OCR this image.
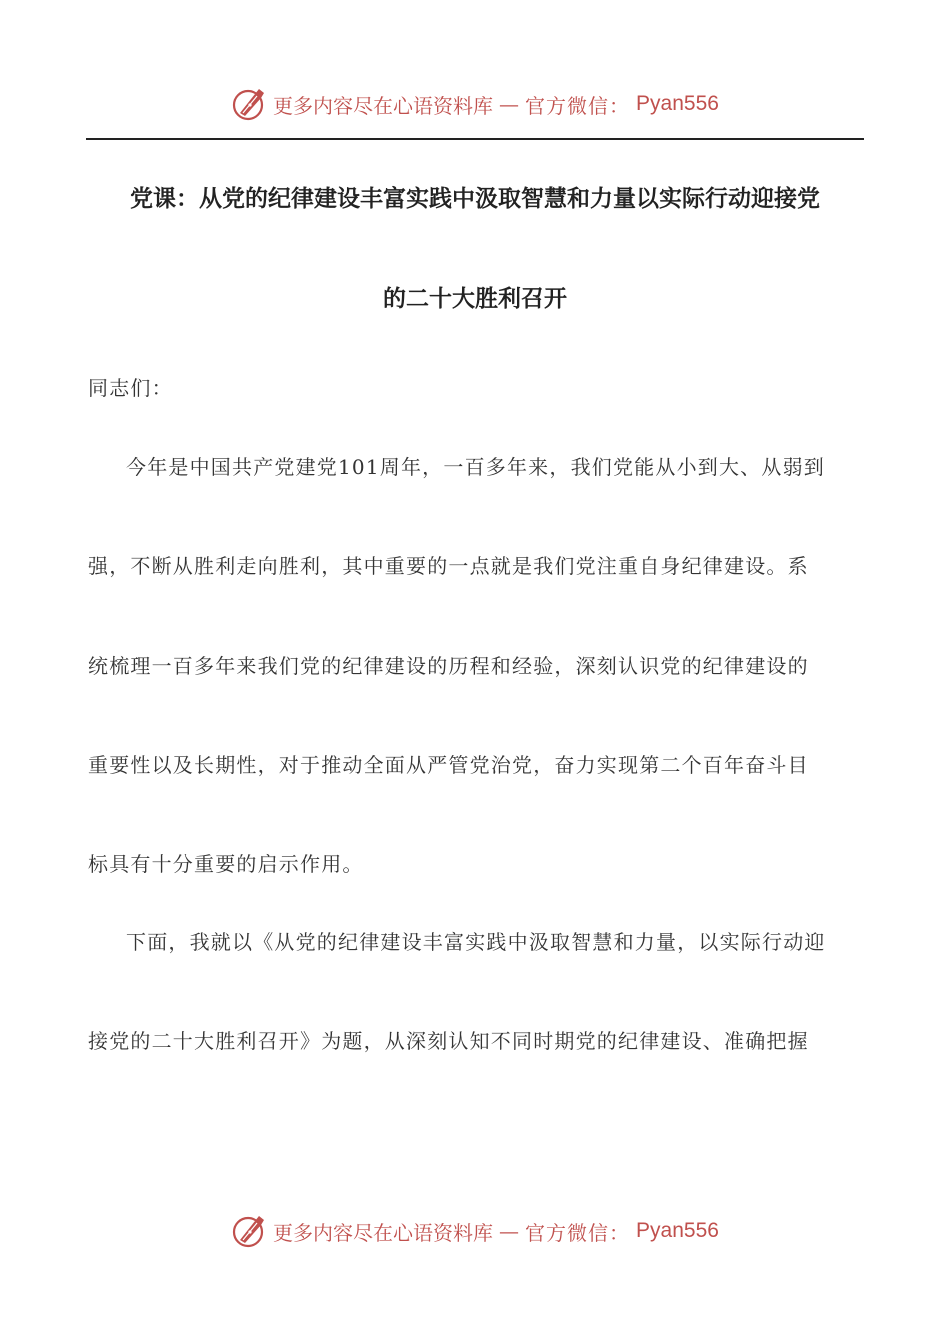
更多内容尽在心语资料库 — 官方微信： Pyan556
党课：从党的纪律建设丰富实践中汲取智慧和力量以实际行动迎接党
的二十大胜利召开
同志们：
今年是中国共产党建党101周年，一百多年来，我们党能从小到大、从弱到
强，不断从胜利走向胜利，其中重要的一点就是我们党注重自身纪律建设。系
统梳理一百多年来我们党的纪律建设的历程和经验，深刻认识党的纪律建设的
重要性以及长期性，对于推动全面从严管党治党，奋力实现第二个百年奋斗目
标具有十分重要的启示作用。
下面，我就以《从党的纪律建设丰富实践中汲取智慧和力量，以实际行动迎
接党的二十大胜利召开》为题，从深刻认知不同时期党的纪律建设、准确把握
更多内容尽在心语资料库 — 官方微信： Pyan556
